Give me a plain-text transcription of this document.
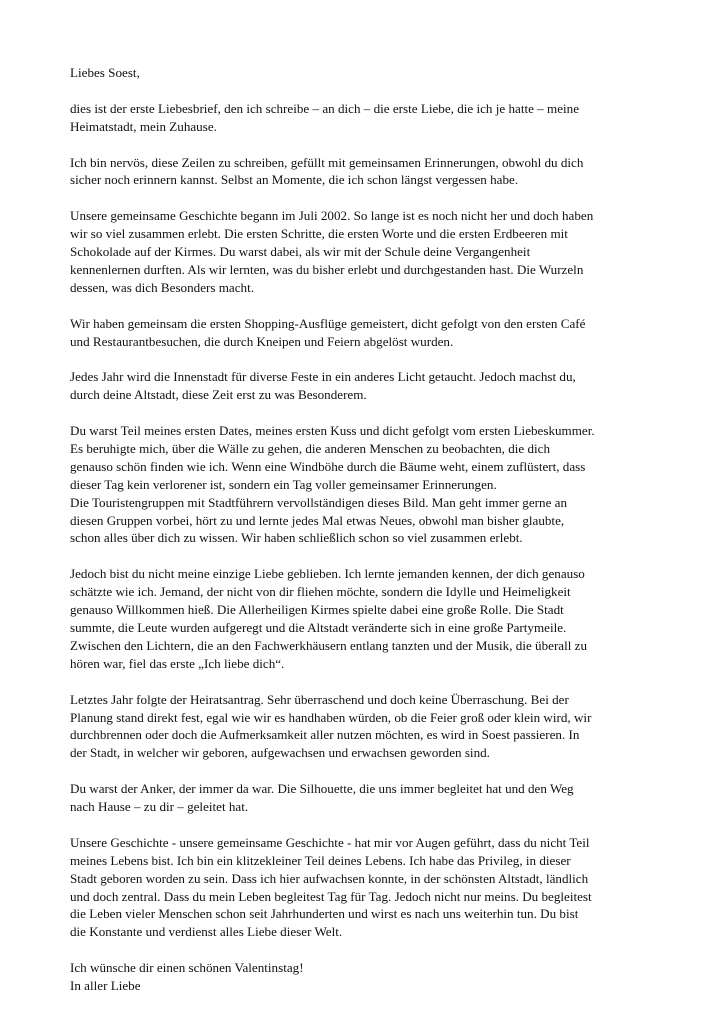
Liebes Soest,

dies ist der erste Liebesbrief, den ich schreibe – an dich – die erste Liebe, die ich je hatte – meine
Heimatstadt, mein Zuhause.

Ich bin nervös, diese Zeilen zu schreiben, gefüllt mit gemeinsamen Erinnerungen, obwohl du dich
sicher noch erinnern kannst. Selbst an Momente, die ich schon längst vergessen habe.

Unsere gemeinsame Geschichte begann im Juli 2002. So lange ist es noch nicht her und doch haben
wir so viel zusammen erlebt. Die ersten Schritte, die ersten Worte und die ersten Erdbeeren mit
Schokolade auf der Kirmes. Du warst dabei, als wir mit der Schule deine Vergangenheit
kennenlernen durften. Als wir lernten, was du bisher erlebt und durchgestanden hast. Die Wurzeln
dessen, was dich Besonders macht.

Wir haben gemeinsam die ersten Shopping-Ausflüge gemeistert, dicht gefolgt von den ersten Café
und Restaurantbesuchen, die durch Kneipen und Feiern abgelöst wurden.

Jedes Jahr wird die Innenstadt für diverse Feste in ein anderes Licht getaucht. Jedoch machst du,
durch deine Altstadt, diese Zeit erst zu was Besonderem.

Du warst Teil meines ersten Dates, meines ersten Kuss und dicht gefolgt vom ersten Liebeskummer.
Es beruhigte mich, über die Wälle zu gehen, die anderen Menschen zu beobachten, die dich
genauso schön finden wie ich. Wenn eine Windböhe durch die Bäume weht, einem zuflüstert, dass
dieser Tag kein verlorener ist, sondern ein Tag voller gemeinsamer Erinnerungen.
Die Touristengruppen mit Stadtführern vervollständigen dieses Bild. Man geht immer gerne an
diesen Gruppen vorbei, hört zu und lernte jedes Mal etwas Neues, obwohl man bisher glaubte,
schon alles über dich zu wissen. Wir haben schließlich schon so viel zusammen erlebt.

Jedoch bist du nicht meine einzige Liebe geblieben. Ich lernte jemanden kennen, der dich genauso
schätzte wie ich. Jemand, der nicht von dir fliehen möchte, sondern die Idylle und Heimeligkeit
genauso Willkommen hieß. Die Allerheiligen Kirmes spielte dabei eine große Rolle. Die Stadt
summte, die Leute wurden aufgeregt und die Altstadt veränderte sich in eine große Partymeile.
Zwischen den Lichtern, die an den Fachwerkhäusern entlang tanzten und der Musik, die überall zu
hören war, fiel das erste „Ich liebe dich“.

Letztes Jahr folgte der Heiratsantrag. Sehr überraschend und doch keine Überraschung. Bei der
Planung stand direkt fest, egal wie wir es handhaben würden, ob die Feier groß oder klein wird, wir
durchbrennen oder doch die Aufmerksamkeit aller nutzen möchten, es wird in Soest passieren. In
der Stadt, in welcher wir geboren, aufgewachsen und erwachsen geworden sind.

Du warst der Anker, der immer da war. Die Silhouette, die uns immer begleitet hat und den Weg
nach Hause – zu dir – geleitet hat.

Unsere Geschichte - unsere gemeinsame Geschichte - hat mir vor Augen geführt, dass du nicht Teil
meines Lebens bist. Ich bin ein klitzekleiner Teil deines Lebens. Ich habe das Privileg, in dieser
Stadt geboren worden zu sein. Dass ich hier aufwachsen konnte, in der schönsten Altstadt, ländlich
und doch zentral. Dass du mein Leben begleitest Tag für Tag. Jedoch nicht nur meins. Du begleitest
die Leben vieler Menschen schon seit Jahrhunderten und wirst es nach uns weiterhin tun. Du bist
die Konstante und verdienst alles Liebe dieser Welt.

Ich wünsche dir einen schönen Valentinstag!
In aller Liebe
